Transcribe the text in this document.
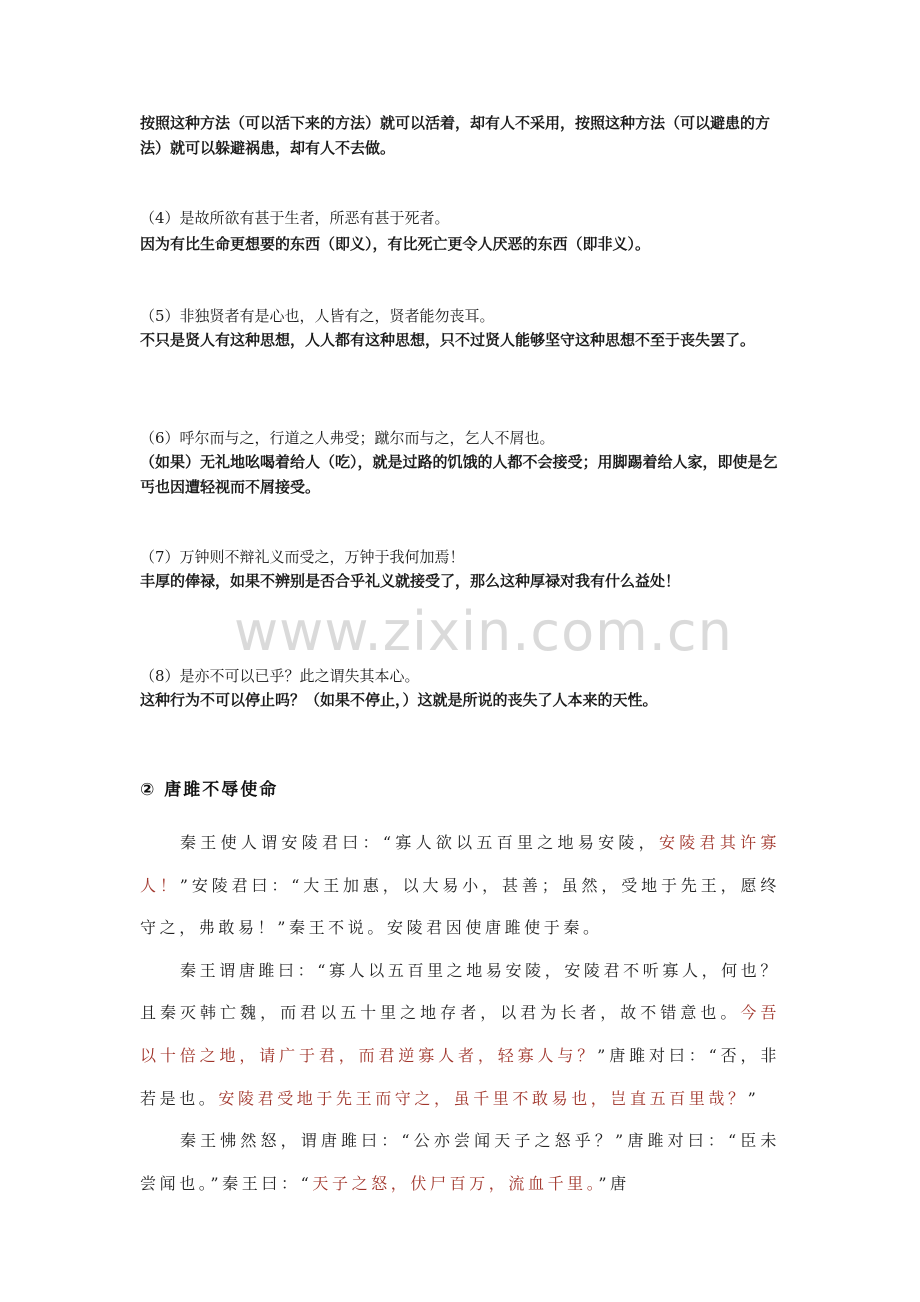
按照这种方法（可以活下来的方法）就可以活着，却有人不采用，按照这种方法（可以避患的方法）就可以躲避祸患，却有人不去做。
（4）是故所欲有甚于生者，所恶有甚于死者。
因为有比生命更想要的东西（即义），有比死亡更令人厌恶的东西（即非义）。
（5）非独贤者有是心也，人皆有之，贤者能勿丧耳。
不只是贤人有这种思想，人人都有这种思想，只不过贤人能够坚守这种思想不至于丧失罢了。
（6）呼尔而与之，行道之人弗受；蹴尔而与之，乞人不屑也。
（如果）无礼地吆喝着给人（吃），就是过路的饥饿的人都不会接受；用脚踢着给人家，即使是乞丐也因遭轻视而不屑接受。
（7）万钟则不辩礼义而受之，万钟于我何加焉！
丰厚的俸禄，如果不辨别是否合乎礼义就接受了，那么这种厚禄对我有什么益处！
（8）是亦不可以已乎？此之谓失其本心。
这种行为不可以停止吗？（如果不停止，）这就是所说的丧失了人本来的天性。
② 唐雎不辱使命

秦王使人谓安陵君曰：“寡人欲以五百里之地易安陵，安陵君其许寡人！”安陵君曰：“大王加惠，以大易小，甚善；虽然，受地于先王，愿终守之，弗敢易！”秦王不说。安陵君因使唐雎使于秦。

秦王谓唐雎曰：“寡人以五百里之地易安陵，安陵君不听寡人，何也？且秦灭韩亡魏，而君以五十里之地存者，以君为长者，故不错意也。今吾以十倍之地，请广于君，而君逆寡人者，轻寡人与？”唐雎对曰：“否，非若是也。安陵君受地于先王而守之，虽千里不敢易也，岂直五百里哉？”

秦王怫然怒，谓唐雎曰：“公亦尝闻天子之怒乎？”唐雎对曰：“臣未尝闻也。”秦王曰：“天子之怒，伏尸百万，流血千里。”唐

www.zixin.com.cn
